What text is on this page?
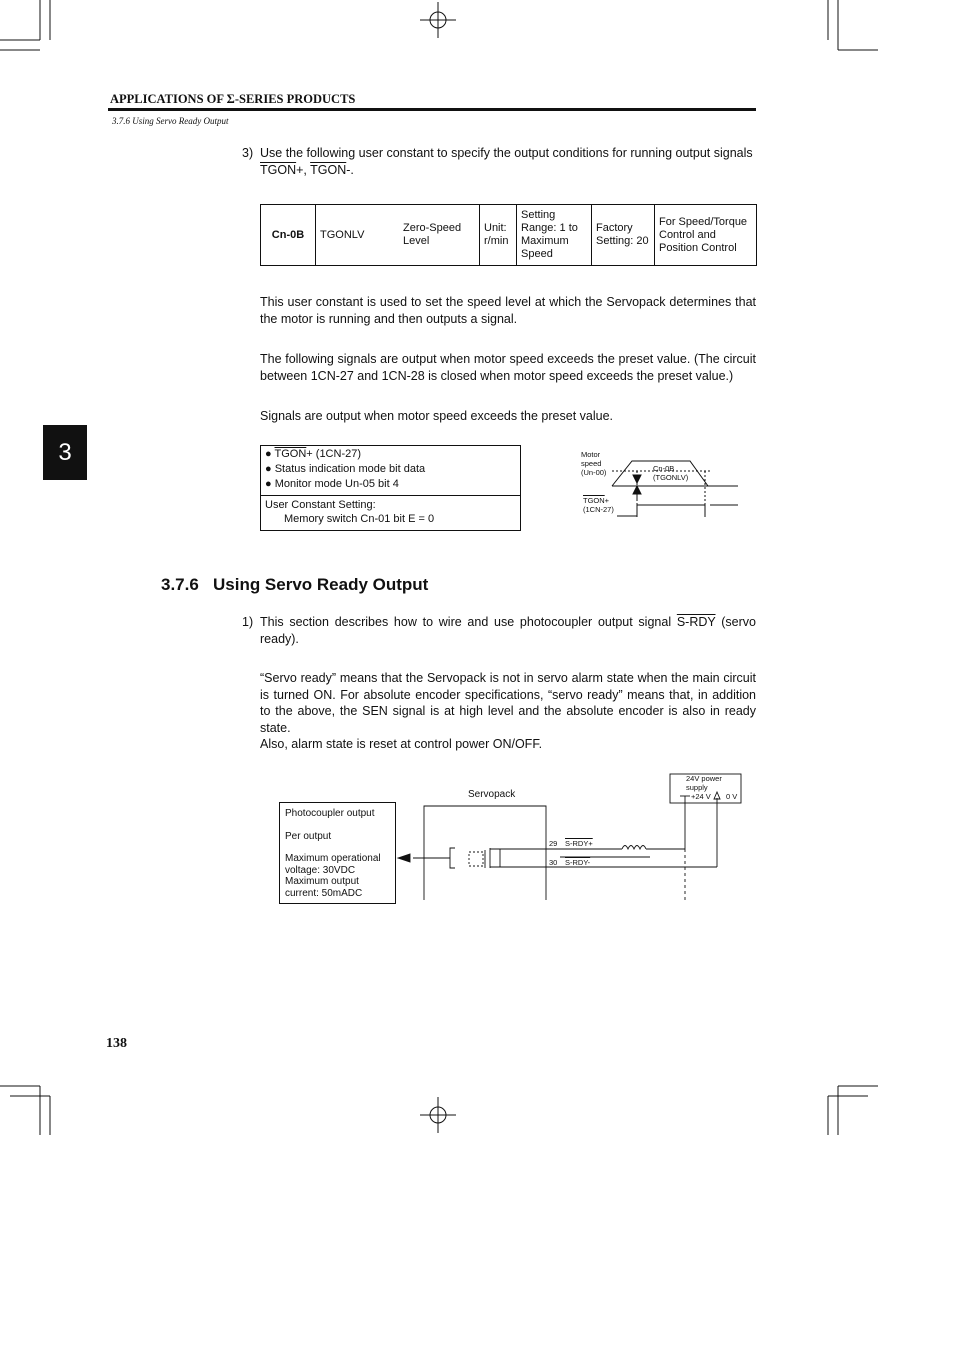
APPLICATIONS OF Σ-SERIES PRODUCTS
3.7.6 Using Servo Ready Output
3
3) Use the following user constant to specify the output conditions for running output signals
TGON+, TGON-.
Cn-0B	TGONLV	Zero-Speed Level	Unit: r/min	Setting Range: 1 to Maximum Speed	Factory Setting: 20	For Speed/Torque Control and Position Control
This user constant is used to set the speed level at which the Servopack determines that the motor is running and then outputs a signal.
The following signals are output when motor speed exceeds the preset value. (The circuit between 1CN-27 and 1CN-28 is closed when motor speed exceeds the preset value.)
Signals are output when motor speed exceeds the preset value.
● TGON+ (1CN-27)
● Status indication mode bit data
● Monitor mode Un-05 bit 4
User Constant Setting:
Memory switch Cn-01 bit E = 0
Motor
speed
(Un-00)	Cn-0B
(TGONLV)
TGON+
(1CN-27)
3.7.6 Using Servo Ready Output
1) This section describes how to wire and use photocoupler output signal S-RDY (servo ready).
“Servo ready” means that the Servopack is not in servo alarm state when the main circuit is turned ON. For absolute encoder specifications, “servo ready” means that, in addition to the above, the SEN signal is at high level and the absolute encoder is also in ready state.
Also, alarm state is reset at control power ON/OFF.
Photocoupler output
Per output
Maximum operational voltage: 30VDC
Maximum output current: 50mADC
Servopack
24V power
supply
+24 V 0 V
29
30
S-RDY+
S-RDY-
138
